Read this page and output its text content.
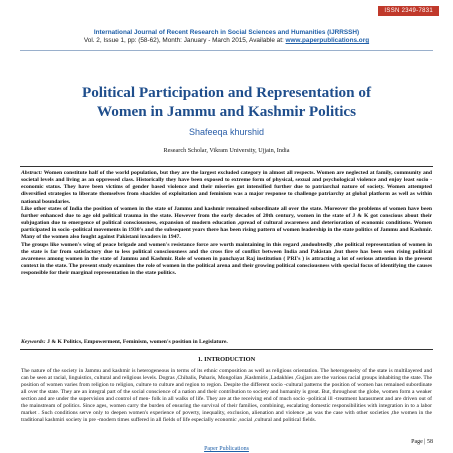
ISSN 2349-7831
International Journal of Recent Research in Social Sciences and Humanities (IJRRSSH)
Vol. 2, Issue 1, pp: (58-62), Month: January - March 2015, Available at: www.paperpublications.org
Political Participation and Representation of
Women in Jammu and Kashmir Politics
Shafeeqa khurshid
Research Scholar, Vikram University, Ujjain, India

Abstract: Women constitute half of the world population, but they are the largest excluded category in almost all respects. Women are neglected at family, community and societal levels and living as an oppressed class. Historically they have been exposed to extreme form of physical, sexual and psychological violence and enjoy least socio -economic status. They have been victims of gender based violence and their miseries got intensified further due to patriarchal nature of society. Women attempted diversified strategies to liberate themselves from shackles of exploitation and feminism was a major response to challenge patriarchy at global platform as well as within national boundaries.

Like other states of India the position of women in the state of Jammu and kashmir remained subordinate all over the state. Moreover the problems of women have been further enhanced due to age old political trauma in the state. However from the early decades of 20th century, women in the state of J & K got conscious about their subjugation due to emergence of political consciousness, expansion of modern education ,spread of cultural awareness and deterioration of economic conditions. Women participated in socio -political movements in 1930's and the subsequent years there has been rising pattern of women leadership in the state politics of Jammu and Kashmir. Many of the women also fought against Pakistani invaders in 1947.

The groups like women's wing of peace brigade and women's resistance force are worth maintaining in this regard ,undoubtedly ,the political representation of women in the state is far from satisfactory due to less political consciousness and the cross fire of conflict between India and Pakistan ,but there has been seen rising political awareness among women in the state of Jammu and Kashmir. Role of women in panchayat Raj institution ( PRI's ) is attracting a lot of serious attention in the present context in the state. The present study examines the role of women in the political arena and their growing political consciousness with special focus of identifying the causes responsible for their marginal representation in the state politics.

Keywords: J & K Politics, Empowerment, Feminism, women's position in Legislature.
1. INTRODUCTION

The nature of the society in Jammu and kashmir is heterogeneous in terms of its ethnic composition as well as religious orientation. The heterogeneity of the state is multilayered and can be seen at racial, linguistics, cultural and religious levels. Dogras ,Chibalis, Paharis, Mongolian ,Kashmiris ,Ladakhies ,Gujjars are the various racial groups inhabiting the state. The position of women varies from religion to religion, culture to culture and region to region. Despite the different socio -cultural patterns the position of women has remained subordinate all over the state. They are an integral part of the social conscience of a nation and their contribution to society and humanity is great. But, throughout the globe, women form a weaker section and are under the supervision and control of men- folk in all walks of life. They are at the receiving end of much socio -political ill -treatment harassment and are driven out of the mainstream of politics. Since ages, women carry the burden of ensuring the survival of their families, combining, escalating domestic responsibilities with integration in to a labor market . Such conditions serve only to deepen women's experience of poverty, inequality, exclusion, alienation and violence ,as was the case with other societies ,the women in the traditional kashmiri society in pre -modern times suffered in all fields of life especially economic ,social ,cultural and political fields.

Page | 58
Paper Publications
